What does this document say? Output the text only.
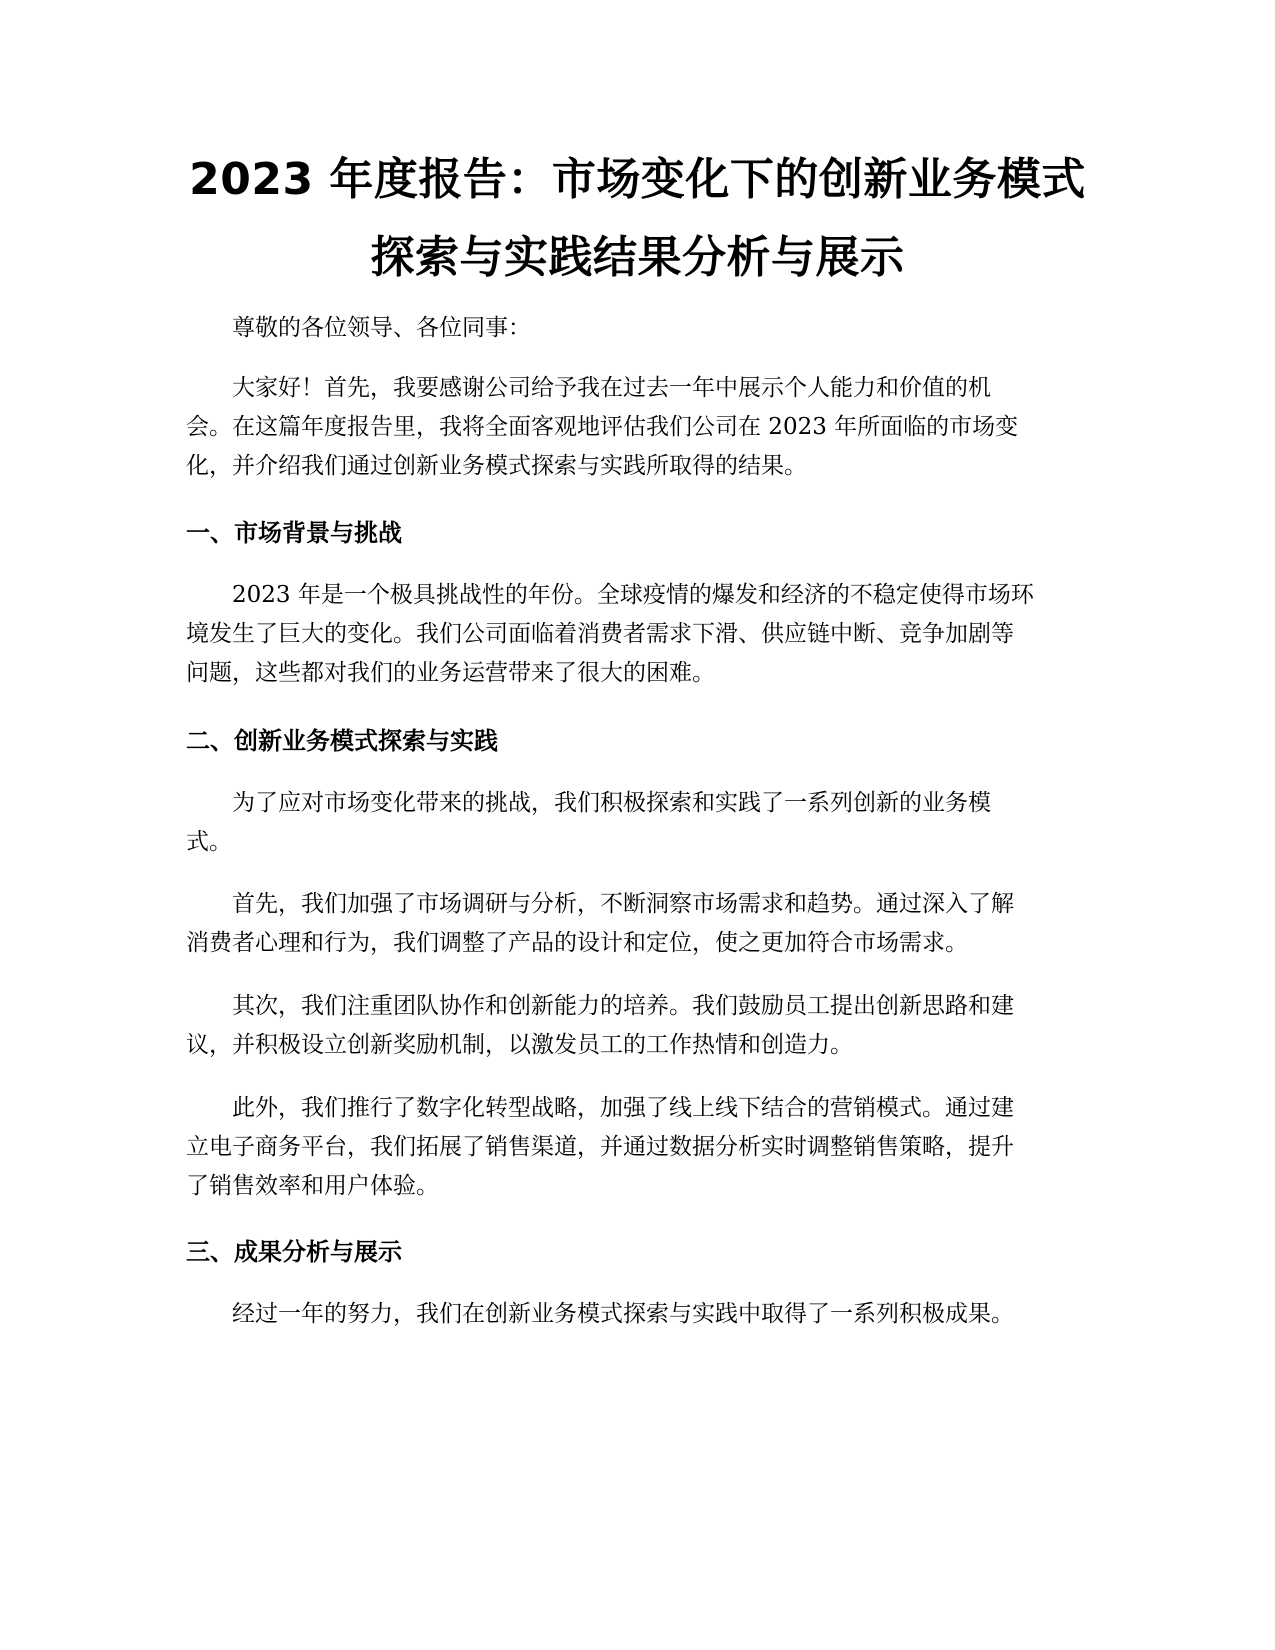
2023 年度报告：市场变化下的创新业务模式
探索与实践结果分析与展示
尊敬的各位领导、各位同事：
大家好！首先，我要感谢公司给予我在过去一年中展示个人能力和价值的机
会。在这篇年度报告里，我将全面客观地评估我们公司在 2023 年所面临的市场变
化，并介绍我们通过创新业务模式探索与实践所取得的结果。
一、市场背景与挑战
2023 年是一个极具挑战性的年份。全球疫情的爆发和经济的不稳定使得市场环
境发生了巨大的变化。我们公司面临着消费者需求下滑、供应链中断、竞争加剧等
问题，这些都对我们的业务运营带来了很大的困难。
二、创新业务模式探索与实践
为了应对市场变化带来的挑战，我们积极探索和实践了一系列创新的业务模
式。
首先，我们加强了市场调研与分析，不断洞察市场需求和趋势。通过深入了解
消费者心理和行为，我们调整了产品的设计和定位，使之更加符合市场需求。
其次，我们注重团队协作和创新能力的培养。我们鼓励员工提出创新思路和建
议，并积极设立创新奖励机制，以激发员工的工作热情和创造力。
此外，我们推行了数字化转型战略，加强了线上线下结合的营销模式。通过建
立电子商务平台，我们拓展了销售渠道，并通过数据分析实时调整销售策略，提升
了销售效率和用户体验。
三、成果分析与展示
经过一年的努力，我们在创新业务模式探索与实践中取得了一系列积极成果。
